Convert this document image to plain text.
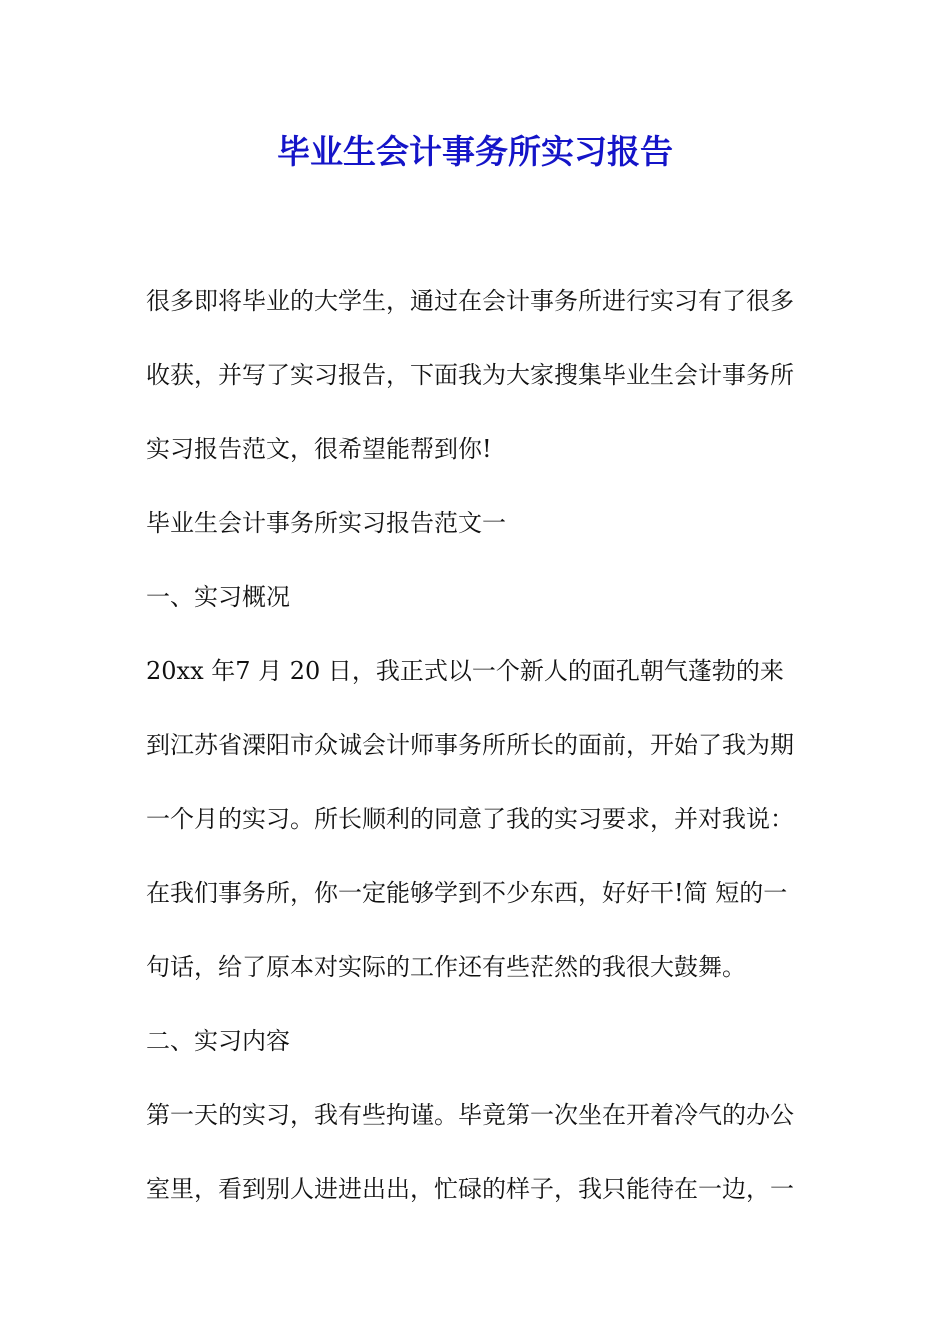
毕业生会计事务所实习报告
很多即将毕业的大学生，通过在会计事务所进行实习有了很多
收获，并写了实习报告，下面我为大家搜集毕业生会计事务所
实习报告范文，很希望能帮到你!
毕业生会计事务所实习报告范文一
一、实习概况
20xx 年7 月 20 日，我正式以一个新人的面孔朝气蓬勃的来
到江苏省溧阳市众诚会计师事务所所长的面前，开始了我为期
一个月的实习。所长顺利的同意了我的实习要求，并对我说：
在我们事务所，你一定能够学到不少东西，好好干!简 短的一
句话，给了原本对实际的工作还有些茫然的我很大鼓舞。
二、实习内容
第一天的实习，我有些拘谨。毕竟第一次坐在开着冷气的办公
室里，看到别人进进出出，忙碌的样子，我只能待在一边，一
